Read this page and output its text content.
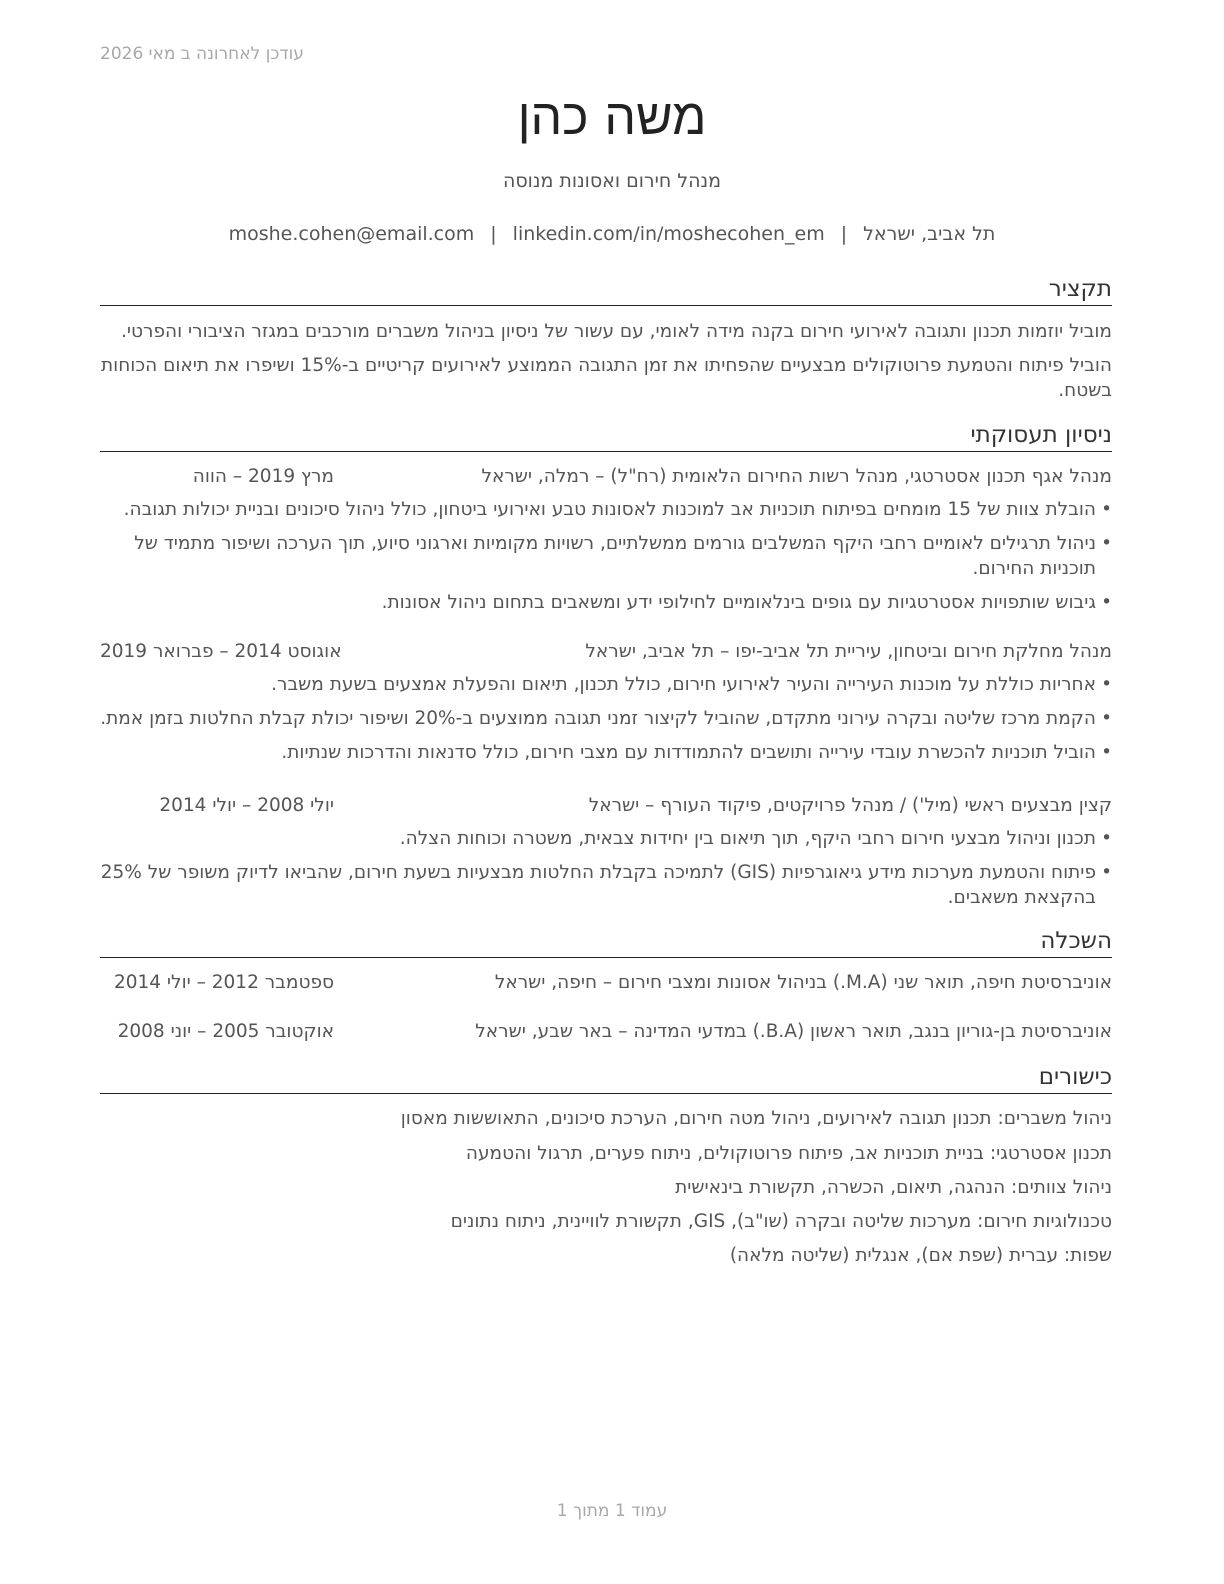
עודכן לאחרונה ב מאי 2026
משה כהן
מנהל חירום ואסונות מנוסה
תל אביב, ישראל|moshe.cohen@email.com | linkedin.com/in/moshecohen_em
תקציר

מוביל יוזמות תכנון ותגובה לאירועי חירום בקנה מידה לאומי, עם עשור של ניסיון בניהול משברים מורכבים במגזר הציבורי והפרטי.

הוביל פיתוח והטמעת פרוטוקולים מבצעיים שהפחיתו את זמן התגובה הממוצע לאירועים קריטיים ב-15% ושיפרו את תיאום הכוחות בשטח.

ניסיון תעסוקתי
מנהל אגף תכנון אסטרטגי, מנהל רשות החירום הלאומית (רח"ל) – רמלה, ישראל
מרץ 2019 – הווה
• הובלת צוות של 15 מומחים בפיתוח תוכניות אב למוכנות לאסונות טבע ואירועי ביטחון, כולל ניהול סיכונים ובניית יכולות תגובה.
• ניהול תרגילים לאומיים רחבי היקף המשלבים גורמים ממשלתיים, רשויות מקומיות וארגוני סיוע, תוך הערכה ושיפור מתמיד של תוכניות החירום.
• גיבוש שותפויות אסטרטגיות עם גופים בינלאומיים לחילופי ידע ומשאבים בתחום ניהול אסונות.
מנהל מחלקת חירום וביטחון, עיריית תל אביב-יפו – תל אביב, ישראל
אוגוסט 2014 – פברואר 2019
• אחריות כוללת על מוכנות העירייה והעיר לאירועי חירום, כולל תכנון, תיאום והפעלת אמצעים בשעת משבר.
• הקמת מרכז שליטה ובקרה עירוני מתקדם, שהוביל לקיצור זמני תגובה ממוצעים ב-20% ושיפור יכולת קבלת החלטות בזמן אמת.
• הוביל תוכניות להכשרת עובדי עירייה ותושבים להתמודדות עם מצבי חירום, כולל סדנאות והדרכות שנתיות.
קצין מבצעים ראשי (מיל') / מנהל פרויקטים, פיקוד העורף – ישראל
יולי 2008 – יולי 2014
• תכנון וניהול מבצעי חירום רחבי היקף, תוך תיאום בין יחידות צבאית, משטרה וכוחות הצלה.
• פיתוח והטמעת מערכות מידע גיאוגרפיות (GIS) לתמיכה בקבלת החלטות מבצעיות בשעת חירום, שהביאו לדיוק משופר של 25% בהקצאת משאבים.
השכלה
אוניברסיטת חיפה, תואר שני (M.A.) בניהול אסונות ומצבי חירום – חיפה, ישראל
ספטמבר 2012 – יולי 2014
אוניברסיטת בן-גוריון בנגב, תואר ראשון (B.A.) במדעי המדינה – באר שבע, ישראל
אוקטובר 2005 – יוני 2008
כישורים
ניהול משברים: תכנון תגובה לאירועים, ניהול מטה חירום, הערכת סיכונים, התאוששות מאסון
תכנון אסטרטגי: בניית תוכניות אב, פיתוח פרוטוקולים, ניתוח פערים, תרגול והטמעה
ניהול צוותים: הנהגה, תיאום, הכשרה, תקשורת בינאישית
טכנולוגיות חירום: מערכות שליטה ובקרה (שו"ב), GIS, תקשורת לוויינית, ניתוח נתונים
שפות: עברית (שפת אם), אנגלית (שליטה מלאה)
עמוד 1 מתוך 1
